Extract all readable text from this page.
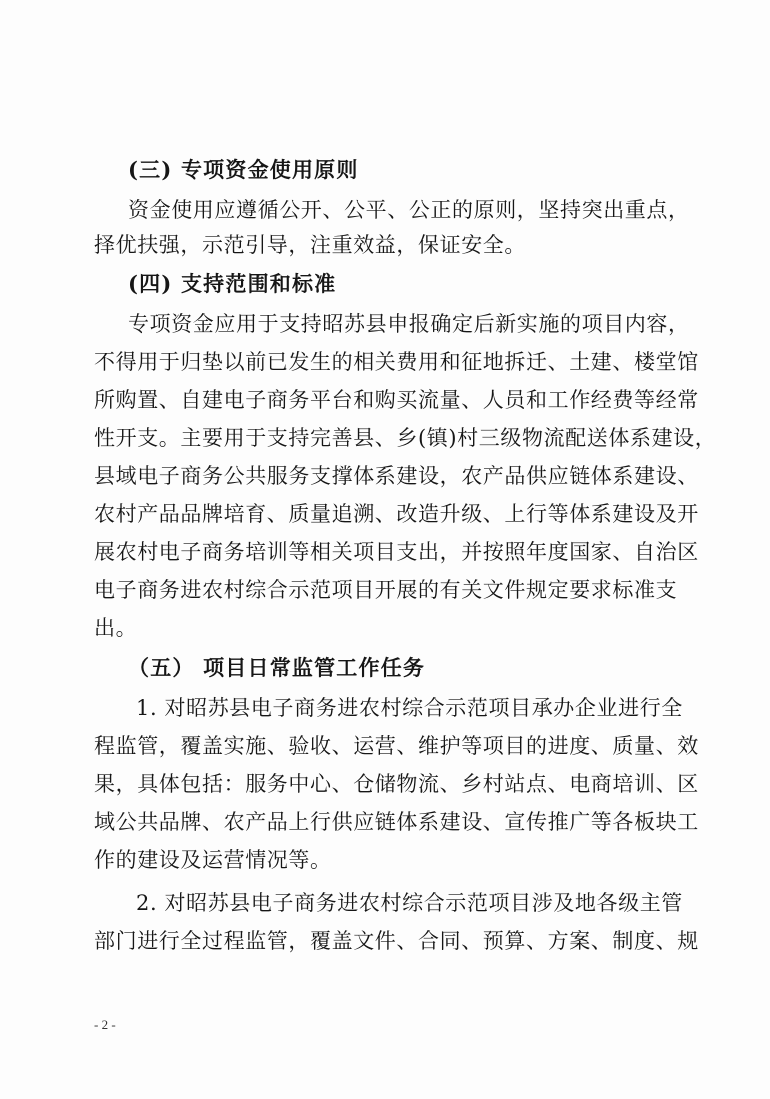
(三) 专项资金使用原则
资金使用应遵循公开、公平、公正的原则，坚持突出重点，
择优扶强，示范引导，注重效益，保证安全。
(四) 支持范围和标准
专项资金应用于支持昭苏县申报确定后新实施的项目内容，
不得用于归垫以前已发生的相关费用和征地拆迁、土建、楼堂馆
所购置、自建电子商务平台和购买流量、人员和工作经费等经常
性开支。主要用于支持完善县、乡(镇)村三级物流配送体系建设，
县域电子商务公共服务支撑体系建设，农产品供应链体系建设、
农村产品品牌培育、质量追溯、改造升级、上行等体系建设及开
展农村电子商务培训等相关项目支出，并按照年度国家、自治区
电子商务进农村综合示范项目开展的有关文件规定要求标准支
出。
（五） 项目日常监管工作任务
1. 对昭苏县电子商务进农村综合示范项目承办企业进行全
程监管，覆盖实施、验收、运营、维护等项目的进度、质量、效
果，具体包括：服务中心、仓储物流、乡村站点、电商培训、区
域公共品牌、农产品上行供应链体系建设、宣传推广等各板块工
作的建设及运营情况等。
2. 对昭苏县电子商务进农村综合示范项目涉及地各级主管
部门进行全过程监管，覆盖文件、合同、预算、方案、制度、规
- 2 -
